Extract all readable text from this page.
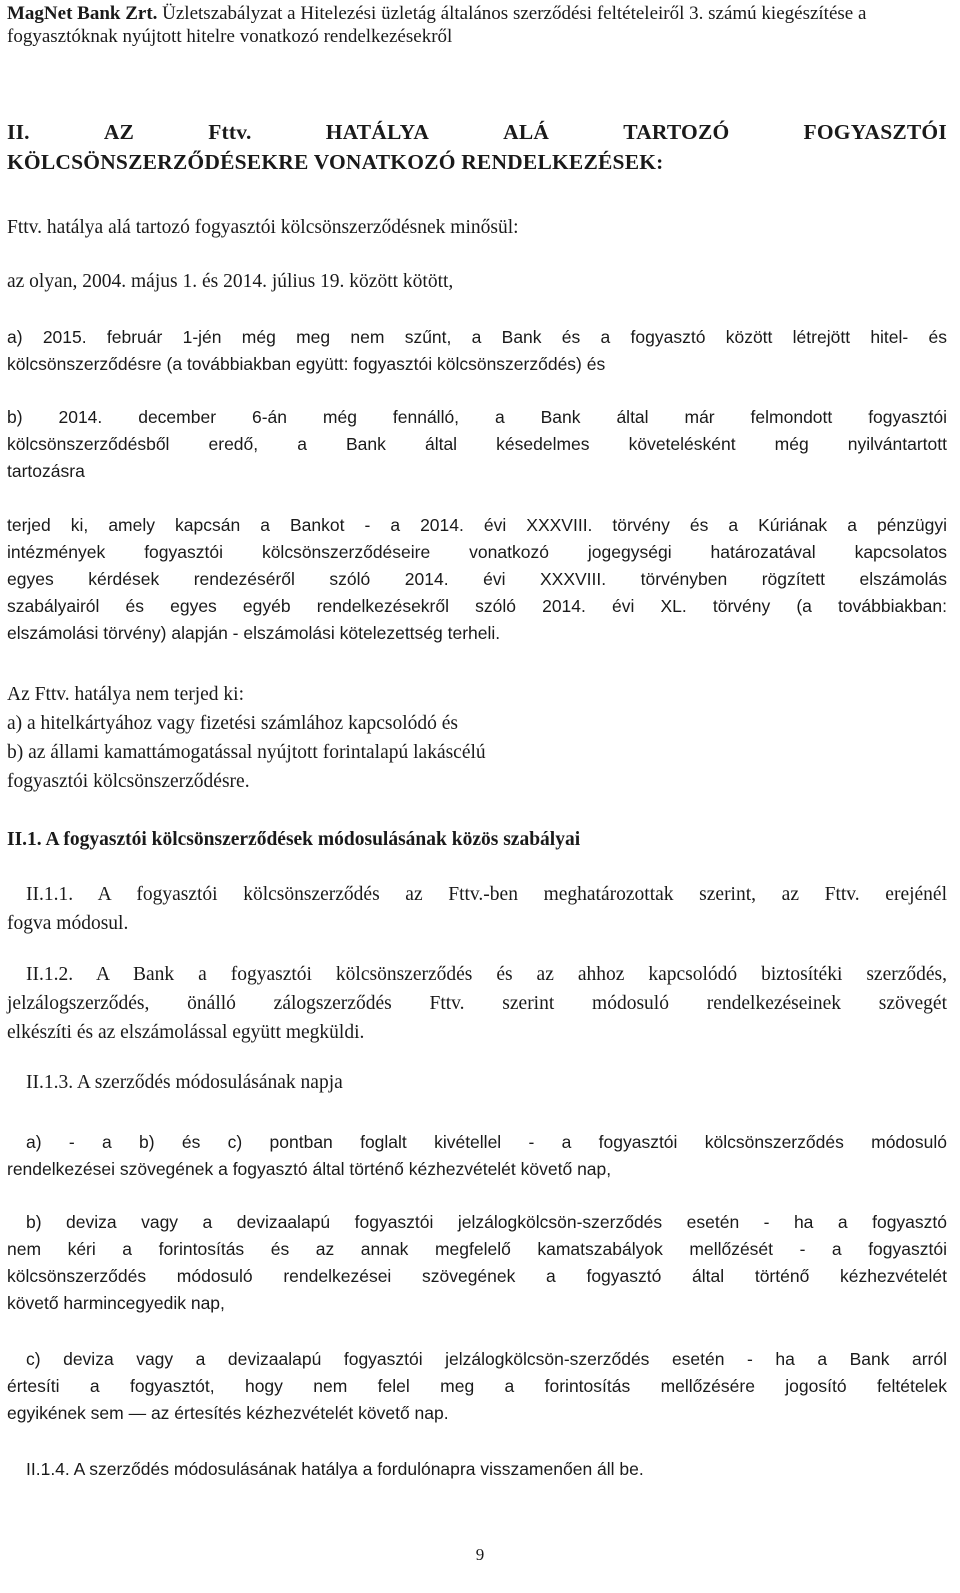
MagNet Bank Zrt. Üzletszabályzat a Hitelezési üzletág általános szerződési feltételeiről 3. számú kiegészítése a fogyasztóknak nyújtott hitelre vonatkozó rendelkezésekről
II.	AZ	Fttv.	HATÁLYA	ALÁ	TARTOZÓ	FOGYASZTÓI
KÖLCSÖNSZERZŐDÉSEKRE VONATKOZÓ RENDELKEZÉSEK:
Fttv. hatálya alá tartozó fogyasztói kölcsönszerződésnek minősül:
az olyan, 2004. május 1. és 2014. július 19. között kötött,
a) 2015. február 1-jén még meg nem szűnt, a Bank és a fogyasztó között létrejött hitel- és
kölcsönszerződésre (a továbbiakban együtt: fogyasztói kölcsönszerződés) és
b) 2014. december 6-án még fennálló, a Bank által már felmondott fogyasztói
kölcsönszerződésből eredő, a Bank által késedelmes követelésként még nyilvántartott
tartozásra
terjed ki, amely kapcsán a Bankot - a 2014. évi XXXVIII. törvény és a Kúriának a pénzügyi
intézmények fogyasztói kölcsönszerződéseire vonatkozó jogegységi határozatával kapcsolatos
egyes kérdések rendezéséről szóló 2014. évi XXXVIII. törvényben rögzített elszámolás
szabályairól és egyes egyéb rendelkezésekről szóló 2014. évi XL. törvény (a továbbiakban:
elszámolási törvény) alapján - elszámolási kötelezettség terheli.
Az Fttv. hatálya nem terjed ki:
a) a hitelkártyához vagy fizetési számlához kapcsolódó és
b) az állami kamattámogatással nyújtott forintalapú lakáscélú
fogyasztói kölcsönszerződésre.
II.1. A fogyasztói kölcsönszerződések módosulásának közös szabályai
II.1.1. A fogyasztói kölcsönszerződés az Fttv.-ben meghatározottak szerint, az Fttv. erejénél
fogva módosul.
II.1.2. A Bank a fogyasztói kölcsönszerződés és az ahhoz kapcsolódó biztosítéki szerződés,
jelzálogszerződés, önálló zálogszerződés Fttv. szerint módosuló rendelkezéseinek szövegét
elkészíti és az elszámolással együtt megküldi.
II.1.3. A szerződés módosulásának napja
a) - a b) és c) pontban foglalt kivétellel - a fogyasztói kölcsönszerződés módosuló
rendelkezései szövegének a fogyasztó által történő kézhezvételét követő nap,
b) deviza vagy a devizaalapú fogyasztói jelzálogkölcsön-szerződés esetén - ha a fogyasztó
nem kéri a forintosítás és az annak megfelelő kamatszabályok mellőzését - a fogyasztói
kölcsönszerződés módosuló rendelkezései szövegének a fogyasztó által történő kézhezvételét
követő harmincegyedik nap,
c) deviza vagy a devizaalapú fogyasztói jelzálogkölcsön-szerződés esetén - ha a Bank arról
értesíti a fogyasztót, hogy nem felel meg a forintosítás mellőzésére jogosító feltételek
egyikének sem — az értesítés kézhezvételét követő nap.
II.1.4. A szerződés módosulásának hatálya a fordulónapra visszamenően áll be.
9
